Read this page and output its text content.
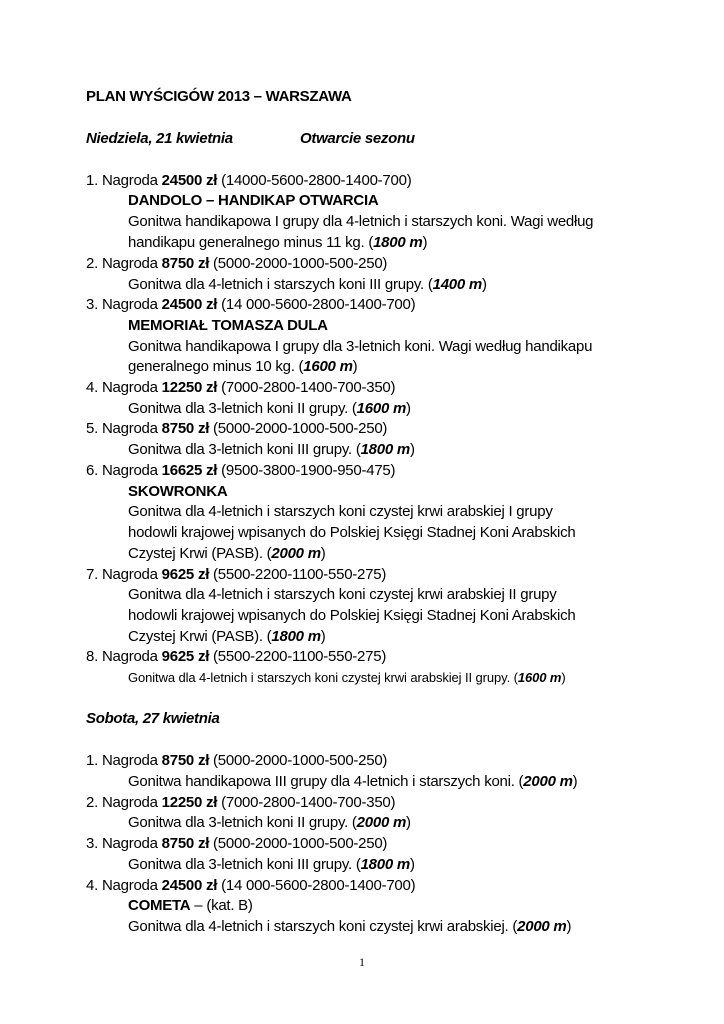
PLAN WYŚCIGÓW 2013 – WARSZAWA
Niedziela, 21 kwietnia	Otwarcie sezonu
1. Nagroda 24500 zł (14000-5600-2800-1400-700)
DANDOLO – HANDIKAP OTWARCIA
Gonitwa handikapowa I grupy dla 4-letnich i starszych koni. Wagi według
handikapu generalnego minus 11 kg. (1800 m)
2. Nagroda 8750 zł (5000-2000-1000-500-250)
Gonitwa dla 4-letnich i starszych koni III grupy. (1400 m)
3. Nagroda 24500 zł (14 000-5600-2800-1400-700)
MEMORIAŁ TOMASZA DULA
Gonitwa handikapowa I grupy dla 3-letnich koni. Wagi według handikapu
generalnego minus 10 kg. (1600 m)
4. Nagroda 12250 zł (7000-2800-1400-700-350)
Gonitwa dla 3-letnich koni II grupy. (1600 m)
5. Nagroda 8750 zł (5000-2000-1000-500-250)
Gonitwa dla 3-letnich koni III grupy. (1800 m)
6. Nagroda 16625 zł (9500-3800-1900-950-475)
SKOWRONKA
Gonitwa dla 4-letnich i starszych koni czystej krwi arabskiej I grupy
hodowli krajowej wpisanych do Polskiej Księgi Stadnej Koni Arabskich
Czystej Krwi (PASB). (2000 m)
7. Nagroda 9625 zł (5500-2200-1100-550-275)
Gonitwa dla 4-letnich i starszych koni czystej krwi arabskiej II grupy
hodowli krajowej wpisanych do Polskiej Księgi Stadnej Koni Arabskich
Czystej Krwi (PASB). (1800 m)
8. Nagroda 9625 zł (5500-2200-1100-550-275)
Gonitwa dla 4-letnich i starszych koni czystej krwi arabskiej II grupy. (1600 m)
Sobota, 27 kwietnia
1. Nagroda 8750 zł (5000-2000-1000-500-250)
Gonitwa handikapowa III grupy dla 4-letnich i starszych koni. (2000 m)
2. Nagroda 12250 zł (7000-2800-1400-700-350)
Gonitwa dla 3-letnich koni II grupy. (2000 m)
3. Nagroda 8750 zł (5000-2000-1000-500-250)
Gonitwa dla 3-letnich koni III grupy. (1800 m)
4. Nagroda 24500 zł (14 000-5600-2800-1400-700)
COMETA – (kat. B)
Gonitwa dla 4-letnich i starszych koni czystej krwi arabskiej. (2000 m)
1
